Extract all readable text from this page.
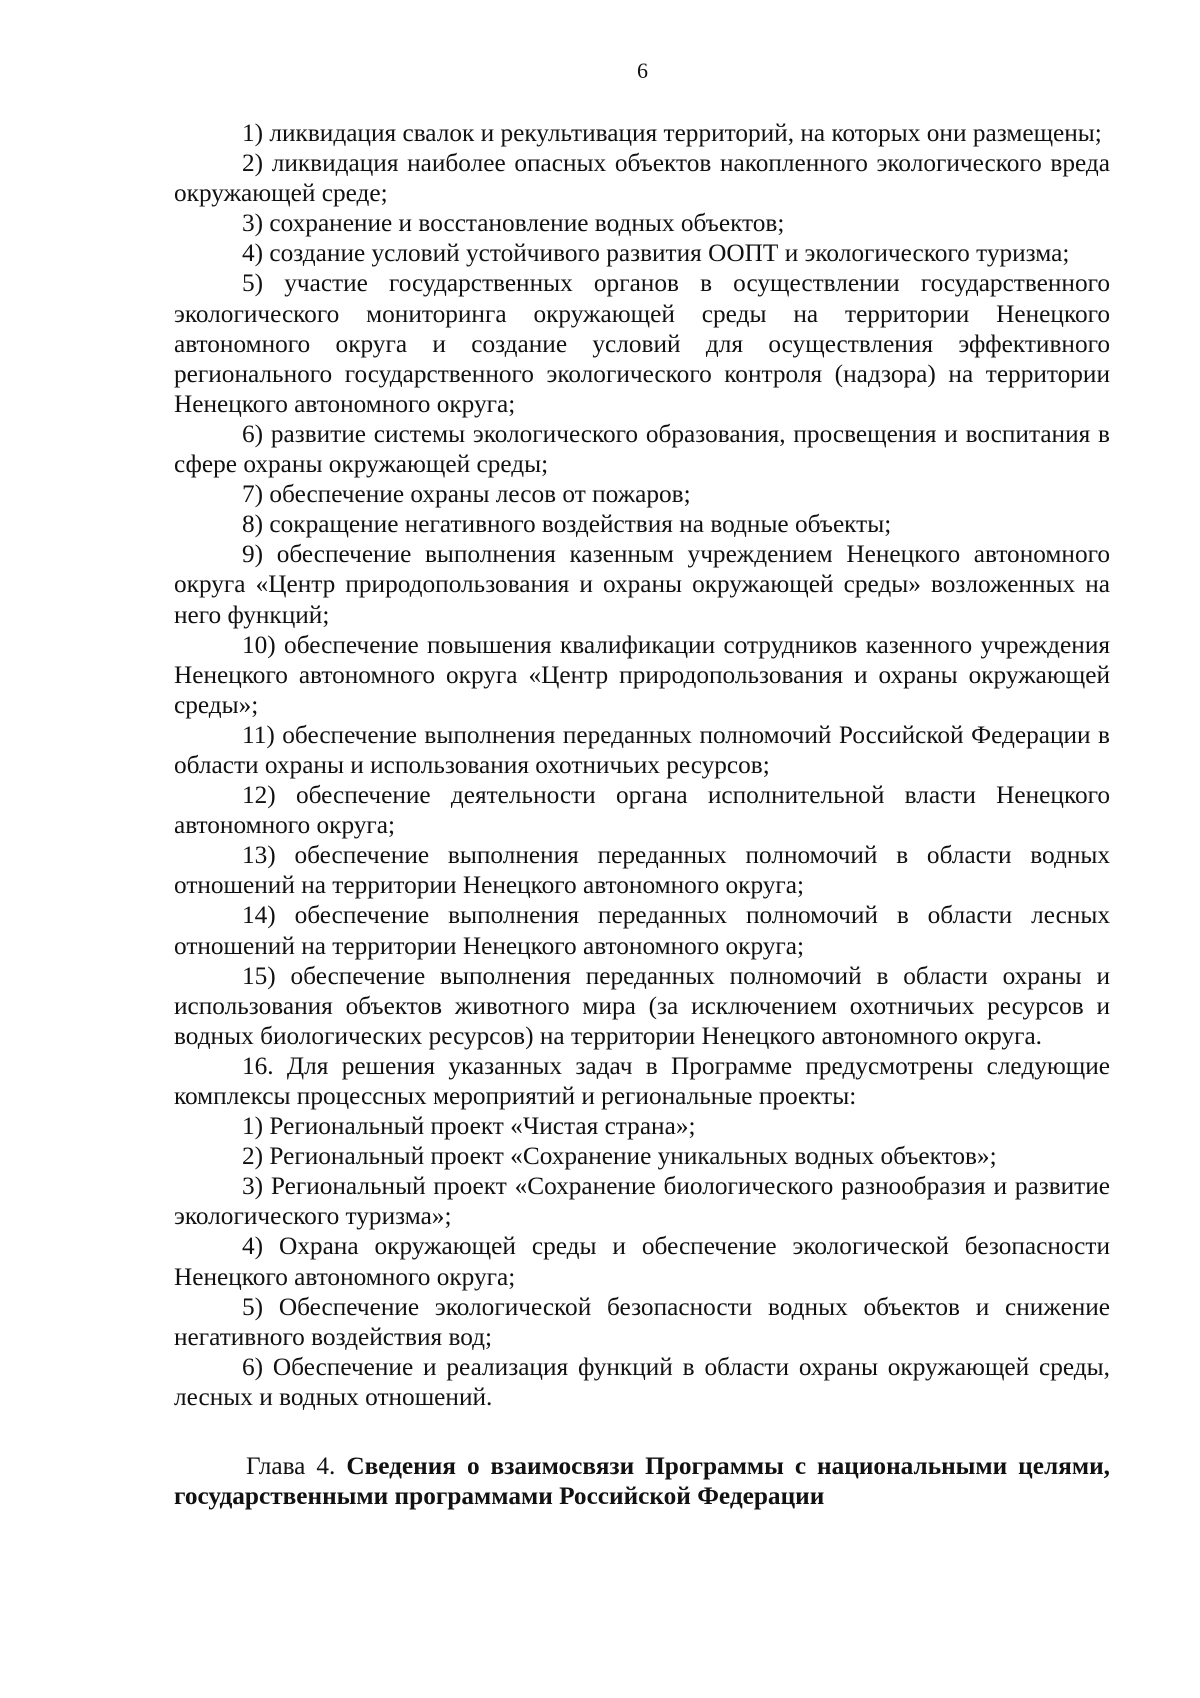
6

1) ликвидация свалок и рекультивация территорий, на которых они размещены;

2) ликвидация наиболее опасных объектов накопленного экологического вреда окружающей среде;

3) сохранение и восстановление водных объектов;

4) создание условий устойчивого развития ООПТ и экологического туризма;

5) участие государственных органов в осуществлении государственного экологического мониторинга окружающей среды на территории Ненецкого автономного округа и создание условий для осуществления эффективного регионального государственного экологического контроля (надзора) на территории Ненецкого автономного округа;

6) развитие системы экологического образования, просвещения и воспитания в сфере охраны окружающей среды;

7) обеспечение охраны лесов от пожаров;

8) сокращение негативного воздействия на водные объекты;

9) обеспечение выполнения казенным учреждением Ненецкого автономного округа «Центр природопользования и охраны окружающей среды» возложенных на него функций;

10) обеспечение повышения квалификации сотрудников казенного учреждения Ненецкого автономного округа «Центр природопользования и охраны окружающей среды»;

11) обеспечение выполнения переданных полномочий Российской Федерации в области охраны и использования охотничьих ресурсов;

12) обеспечение деятельности органа исполнительной власти Ненецкого автономного округа;

13) обеспечение выполнения переданных полномочий в области водных отношений на территории Ненецкого автономного округа;

14) обеспечение выполнения переданных полномочий в области лесных отношений на территории Ненецкого автономного округа;

15) обеспечение выполнения переданных полномочий в области охраны и использования объектов животного мира (за исключением охотничьих ресурсов и водных биологических ресурсов) на территории Ненецкого автономного округа.

16. Для решения указанных задач в Программе предусмотрены следующие комплексы процессных мероприятий и региональные проекты:

1) Региональный проект «Чистая страна»;

2) Региональный проект «Сохранение уникальных водных объектов»;

3) Региональный проект «Сохранение биологического разнообразия и развитие экологического туризма»;

4) Охрана окружающей среды и обеспечение экологической безопасности Ненецкого автономного округа;

5) Обеспечение экологической безопасности водных объектов и снижение негативного воздействия вод;

6) Обеспечение и реализация функций в области охраны окружающей среды, лесных и водных отношений.

Глава 4. Сведения о взаимосвязи Программы с национальными целями, государственными программами Российской Федерации
